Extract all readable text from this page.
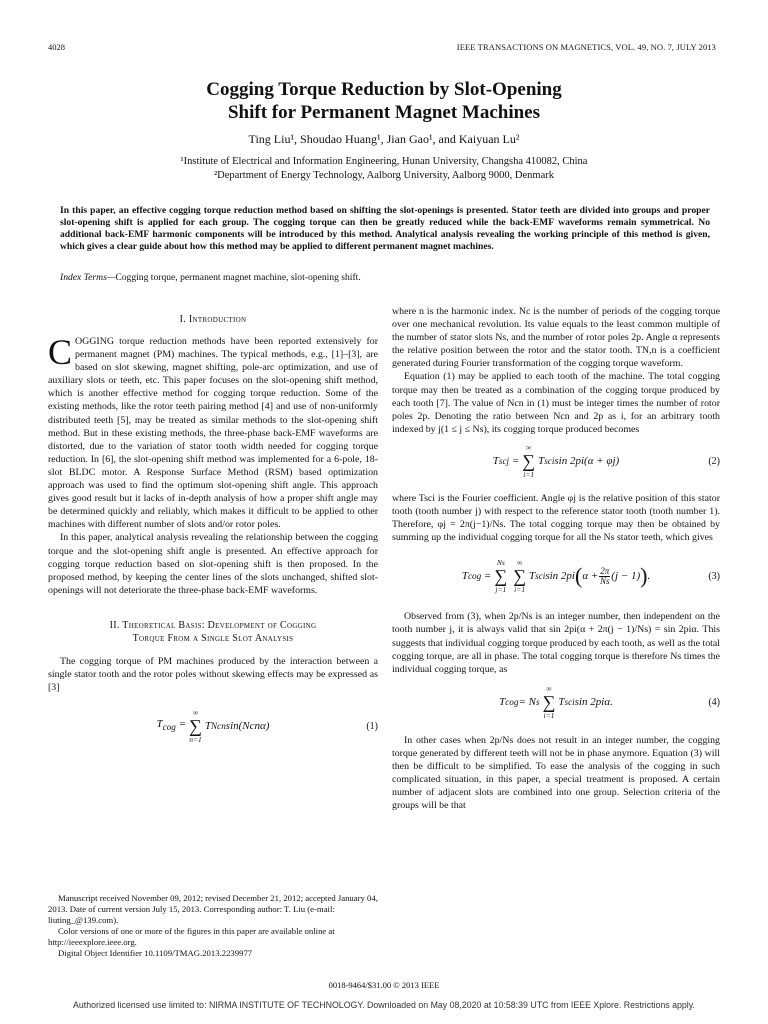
4028	IEEE TRANSACTIONS ON MAGNETICS, VOL. 49, NO. 7, JULY 2013
Cogging Torque Reduction by Slot-Opening
Shift for Permanent Magnet Machines
Ting Liu¹, Shoudao Huang¹, Jian Gao¹, and Kaiyuan Lu²
¹Institute of Electrical and Information Engineering, Hunan University, Changsha 410082, China
²Department of Energy Technology, Aalborg University, Aalborg 9000, Denmark
In this paper, an effective cogging torque reduction method based on shifting the slot-openings is presented. Stator teeth are divided into groups and proper slot-opening shift is applied for each group. The cogging torque can then be greatly reduced while the back-EMF waveforms remain symmetrical. No additional back-EMF harmonic components will be introduced by this method. Analytical analysis revealing the working principle of this method is given, which gives a clear guide about how this method may be applied to different permanent magnet machines.
Index Terms—Cogging torque, permanent magnet machine, slot-opening shift.
I. Introduction

COGGING torque reduction methods have been reported extensively for permanent magnet (PM) machines. The typical methods, e.g., [1]–[3], are based on slot skewing, magnet shifting, pole-arc optimization, and use of auxiliary slots or teeth, etc. This paper focuses on the slot-opening shift method, which is another effective method for cogging torque reduction. Some of the existing methods, like the rotor teeth pairing method [4] and use of non-uniformly distributed teeth [5], may be treated as similar methods to the slot-opening shift method. But in these existing methods, the three-phase back-EMF waveforms are distorted, due to the variation of stator tooth width needed for cogging torque reduction. In [6], the slot-opening shift method was implemented for a 6-pole, 18-slot BLDC motor. A Response Surface Method (RSM) based optimization approach was used to find the optimum slot-opening shift angle. This approach gives good result but it lacks of in-depth analysis of how a proper shift angle may be determined quickly and reliably, which makes it difficult to be applied to other machines with different number of slots and/or rotor poles.

In this paper, analytical analysis revealing the relationship between the cogging torque and the slot-opening shift angle is presented. An effective approach for cogging torque reduction based on slot-opening shift is then proposed. In the proposed method, by keeping the center lines of the slots unchanged, shifted slot-openings will not deteriorate the three-phase back-EMF waveforms.

II. Theoretical Basis: Development of Cogging
Torque From a Single Slot Analysis

The cogging torque of PM machines produced by the interaction between a single stator tooth and the rotor poles without skewing effects may be expressed as [3]

$T_{cog}$ =
∞
∑
n=1
T Ncn sin(Ncnα)	(1)

Manuscript received November 09, 2012; revised December 21, 2012; accepted January 04, 2013. Date of current version July 15, 2013. Corresponding author: T. Liu (e-mail: liuting_@139.com).

Color versions of one or more of the figures in this paper are available online at http://ieeexplore.ieee.org.

Digital Object Identifier 10.1109/TMAG.2013.2239977

where n is the harmonic index. Nc is the number of periods of the cogging torque over one mechanical revolution. Its value equals to the least common multiple of the number of stator slots Ns, and the number of rotor poles 2p. Angle α represents the relative position between the rotor and the stator tooth. TN,n is a coefficient generated during Fourier transformation of the cogging torque waveform.

Equation (1) may be applied to each tooth of the machine. The total cogging torque may then be treated as a combination of the cogging torque produced by each tooth [7]. The value of Ncn in (1) must be integer times the number of rotor poles 2p. Denoting the ratio between Ncn and 2p as i, for an arbitrary tooth indexed by j(1 ≤ j ≤ Ns), its cogging torque produced becomes

T scj =
∞
∑
i=1
T sci sin 2pi(α + φj)	(2)

where Tsci is the Fourier coefficient. Angle φj is the relative position of this stator tooth (tooth number j) with respect to the reference stator tooth (tooth number 1). Therefore, φj = 2π(j−1)/Ns. The total cogging torque may then be obtained by summing up the individual cogging torque for all the Ns stator teeth, which gives

T cog =
Ns
∑
j=1
∞
∑
i=1
T sci sin 2pi ( $\alpha + \frac{2\pi}{Ns} (j - 1)$ ) .	(3)

Observed from (3), when 2p/Ns is an integer number, then independent on the tooth number j, it is always valid that sin 2pi(α + 2π(j − 1)/Ns) = sin 2piα. This suggests that individual cogging torque produced by each tooth, as well as the total cogging torque, are all in phase. The total cogging torque is therefore Ns times the individual cogging torque, as

T cog = N s
∞
∑
i=1
T sci sin 2piα.	(4)

In other cases when 2p/Ns does not result in an integer number, the cogging torque generated by different teeth will not be in phase anymore. Equation (3) will then be difficult to be simplified. To ease the analysis of the cogging in such complicated situation, in this paper, a special treatment is proposed. A certain number of adjacent slots are combined into one group. Selection criteria of the groups will be that

0018-9464/$31.00 © 2013 IEEE
Authorized licensed use limited to: NIRMA INSTITUTE OF TECHNOLOGY. Downloaded on May 08,2020 at 10:58:39 UTC from IEEE Xplore. Restrictions apply.
